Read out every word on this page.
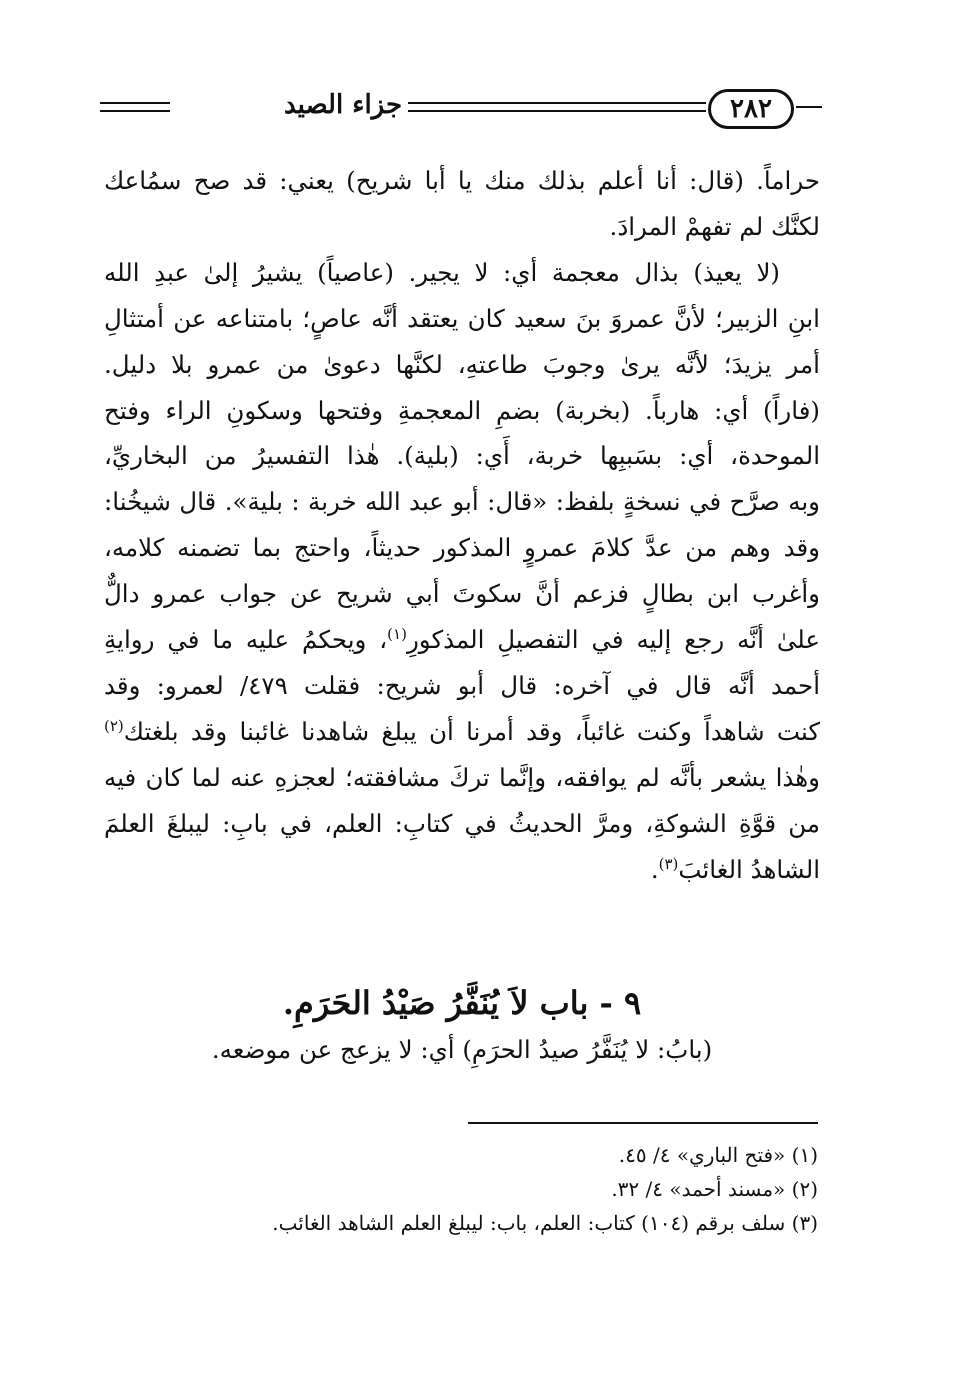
جزاء الصيد	٢٨٢

حراماً. (قال: أنا أعلم بذلك منك يا أبا شريح) يعني: قد صح سمُاعك
لكنَّك لم تفهمْ المرادَ.

(لا يعيذ) بذال معجمة أي: لا يجير. (عاصياً) يشيرُ إلىٰ عبدِ الله
ابنِ الزبير؛ لأنَّ عمروَ بنَ سعيد كان يعتقد أنَّه عاصٍ؛ بامتناعه عن أمتثالِ
أمر يزيدَ؛ لأنَّه يرىٰ وجوبَ طاعتهِ، لكنَّها دعوىٰ من عمرو بلا دليل.
(فاراً) أي: هارباً. (بخربة) بضمِ المعجمةِ وفتحها وسكونِ الراء وفتح
الموحدة، أي: بسَببِها خربة، أَي: (بلية). هٰذا التفسيرُ من البخاريِّ،
وبه صرَّح في نسخةٍ بلفظ: «قال: أبو عبد الله خربة : بلية». قال شيخُنا:
وقد وهم من عدَّ كلامَ عمروٍ المذكور حديثاً، واحتج بما تضمنه كلامه،
وأغرب ابن بطالٍ فزعم أنَّ سكوتَ أبي شريح عن جواب عمرو دالٌّ
علىٰ أنَّه رجع إليه في التفصيلِ المذكورِ$^{(١)}$، ويحكمُ عليه ما في روايةِ
أحمد أنَّه قال في آخره: قال أبو شريح: فقلت ٤٧٩/ لعمرو: وقد
كنت شاهداً وكنت غائباً، وقد أمرنا أن يبلغ شاهدنا غائبنا وقد بلغتك$^{(٢)}$
وهٰذا يشعر بأنَّه لم يوافقه، وإنَّما تركَ مشافقته؛ لعجزهِ عنه لما كان فيه
من قوَّةِ الشوكةِ، ومرَّ الحديثُ في كتابِ: العلم، في بابِ: ليبلغَ العلمَ
الشاهدُ الغائبَ$^{(٣)}$.

٩ - باب لاَ يُنَفَّرُ صَيْدُ الحَرَمِ.
(بابُ: لا يُنَفَّرُ صيدُ الحرَمِ) أي: لا يزعج عن موضعه.
(١) «فتح الباري» ٤/ ٤٥.
(٢) «مسند أحمد» ٤/ ٣٢.
(٣) سلف برقم (١٠٤) كتاب: العلم، باب: ليبلغ العلم الشاهد الغائب.
